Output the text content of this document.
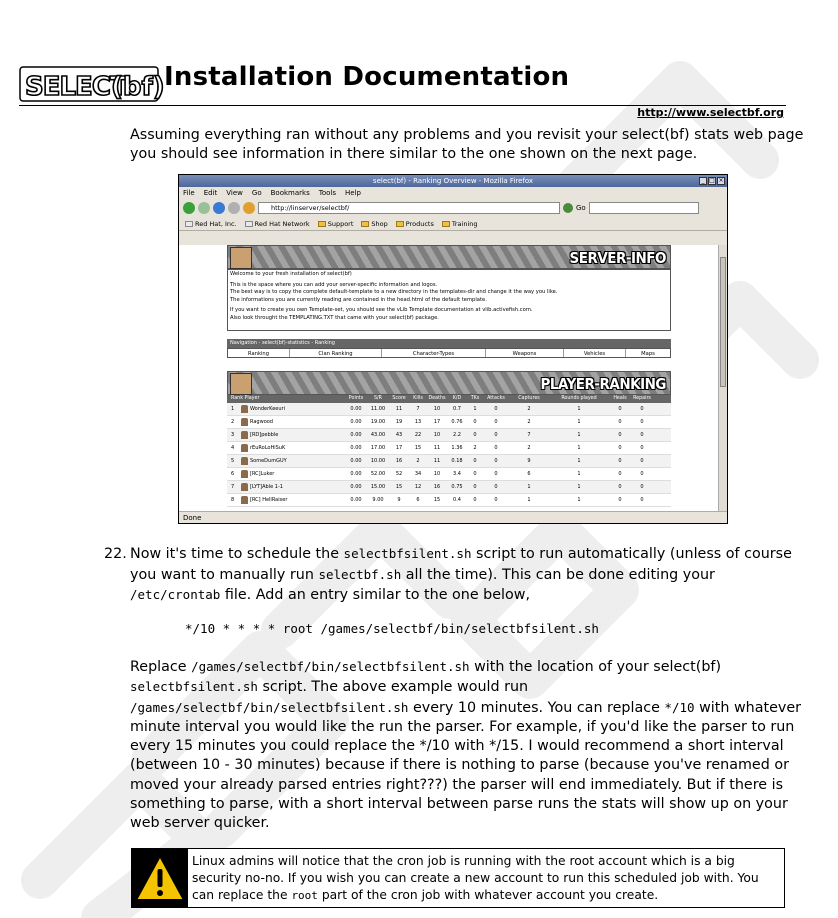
SELECT
(bf) Installation Documentation
http://www.selectbf.org
Assuming everything ran without any problems and you revisit your select(bf) stats web page you should see information in there similar to the one shown on the next page.
select(bf) - Ranking Overview - Mozilla Firefox	_ □ ×
File Edit View Go Bookmarks Tools Help
http://linserver/selectbf/	Go
Red Hat, Inc.	Red Hat Network	Support	Shop	Products	Training
SERVER-INFO
Welcome to your fresh installation of select(bf)
This is the space where you can add your server-specific information and logos.
The best way is to copy the complete default-template to a new directory in the templates-dir and change it the way you like.
The informations you are currently reading are contained in the head.html of the default template.
If you want to create you own Template-set, you should see the vLib Template documentation at vlib.activefish.com.
Also look throught the TEMPLATING.TXT that came with your select(bf) package.
Navigation - select(bf)-statistics - Ranking
Ranking	Clan Ranking	Character-Types	Weapons	Vehicles	Maps
PLAYER-RANKING
Rank Player	Points	S/R	Score	Kills	Deaths	K/D	TKs	Attacks	Captures	Rounds played	Heals	Repairs
1	WonderKeeuri	0.00	11.00	11	7	10	0.7	1	0	2	1	0	0
2	Ragwood	0.00	19.00	19	13	17	0.76	0	0	2	1	0	0
3	[RD]pebble	0.00	43.00	43	22	10	2.2	0	0	7	1	0	0
4	rEuRoLoHiSuK	0.00	17.00	17	15	11	1.36	2	0	2	1	0	0
5	SomeDumGUY	0.00	10.00	16	2	11	0.18	0	0	9	1	0	0
6	[RC]Luker	0.00	52.00	52	34	10	3.4	0	0	6	1	0	0
7	[LYT]Able 1-1	0.00	15.00	15	12	16	0.75	0	0	1	1	0	0
8	[RC] HellRaiser	0.00	9.00	9	6	15	0.4	0	0	1	1	0	0
Done
22. Now it's time to schedule the selectbfsilent.sh script to run automatically (unless of course you want to manually run selectbf.sh all the time). This can be done editing your /etc/crontab file. Add an entry similar to the one below,
*/10 * * * * root /games/selectbf/bin/selectbfsilent.sh
Replace /games/selectbf/bin/selectbfsilent.sh with the location of your select(bf) selectbfsilent.sh script. The above example would run /games/selectbf/bin/selectbfsilent.sh every 10 minutes. You can replace */10 with whatever minute interval you would like the run the parser. For example, if you'd like the parser to run every 15 minutes you could replace the */10 with */15. I would recommend a short interval (between 10 - 30 minutes) because if there is nothing to parse (because you've renamed or moved your already parsed entries right???) the parser will end immediately. But if there is something to parse, with a short interval between parse runs the stats will show up on your web server quicker.
Linux admins will notice that the cron job is running with the root account which is a big security no-no. If you wish you can create a new account to run this scheduled job with. You can replace the root part of the cron job with whatever account you create.
